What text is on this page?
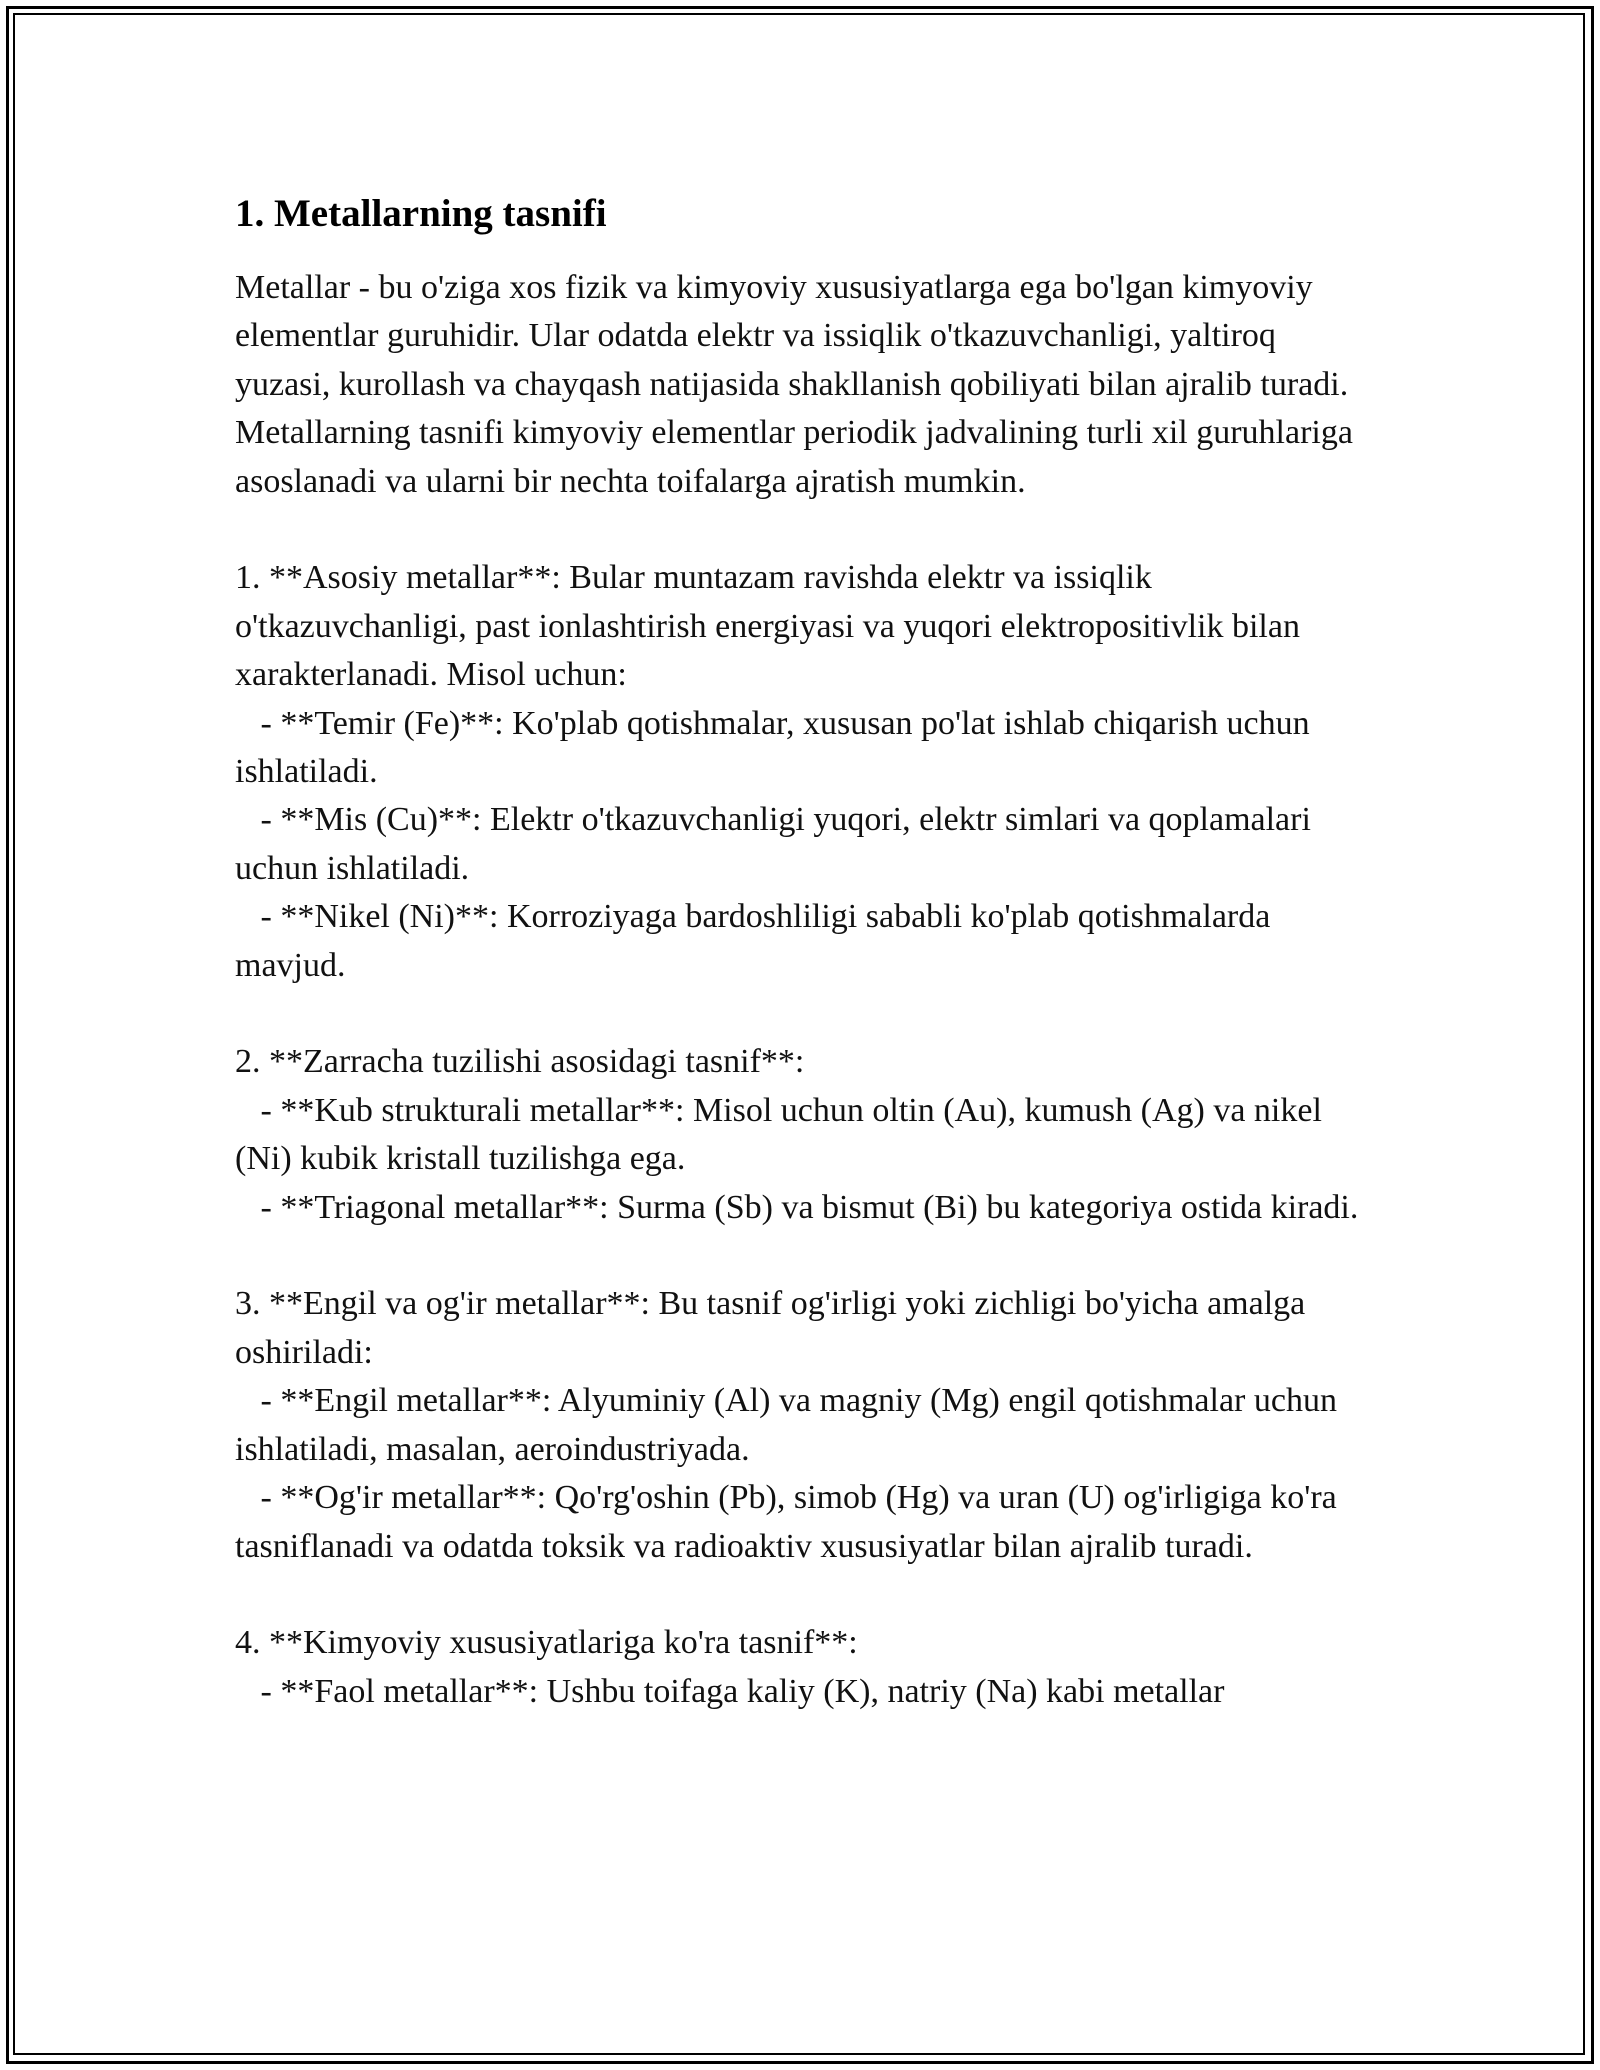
1. Metallarning tasnifi

Metallar - bu o'ziga xos fizik va kimyoviy xususiyatlarga ega bo'lgan kimyoviy elementlar guruhidir. Ular odatda elektr va issiqlik o'tkazuvchanligi, yaltiroq yuzasi, kurollash va chayqash natijasida shakllanish qobiliyati bilan ajralib turadi. Metallarning tasnifi kimyoviy elementlar periodik jadvalining turli xil guruhlariga asoslanadi va ularni bir nechta toifalarga ajratish mumkin.

1. **Asosiy metallar**: Bular muntazam ravishda elektr va issiqlik o'tkazuvchanligi, past ionlashtirish energiyasi va yuqori elektropositivlik bilan xarakterlanadi. Misol uchun:

- **Temir (Fe)**: Ko'plab qotishmalar, xususan po'lat ishlab chiqarish uchun ishlatiladi.

- **Mis (Cu)**: Elektr o'tkazuvchanligi yuqori, elektr simlari va qoplamalari uchun ishlatiladi.

- **Nikel (Ni)**: Korroziyaga bardoshliligi sababli ko'plab qotishmalarda mavjud.

2. **Zarracha tuzilishi asosidagi tasnif**:

- **Kub strukturali metallar**: Misol uchun oltin (Au), kumush (Ag) va nikel (Ni) kubik kristall tuzilishga ega.

- **Triagonal metallar**: Surma (Sb) va bismut (Bi) bu kategoriya ostida kiradi.

3. **Engil va og'ir metallar**: Bu tasnif og'irligi yoki zichligi bo'yicha amalga oshiriladi:

- **Engil metallar**: Alyuminiy (Al) va magniy (Mg) engil qotishmalar uchun ishlatiladi, masalan, aeroindustriyada.

- **Og'ir metallar**: Qo'rg'oshin (Pb), simob (Hg) va uran (U) og'irligiga ko'ra tasniflanadi va odatda toksik va radioaktiv xususiyatlar bilan ajralib turadi.

4. **Kimyoviy xususiyatlariga ko'ra tasnif**:

- **Faol metallar**: Ushbu toifaga kaliy (K), natriy (Na) kabi metallar
